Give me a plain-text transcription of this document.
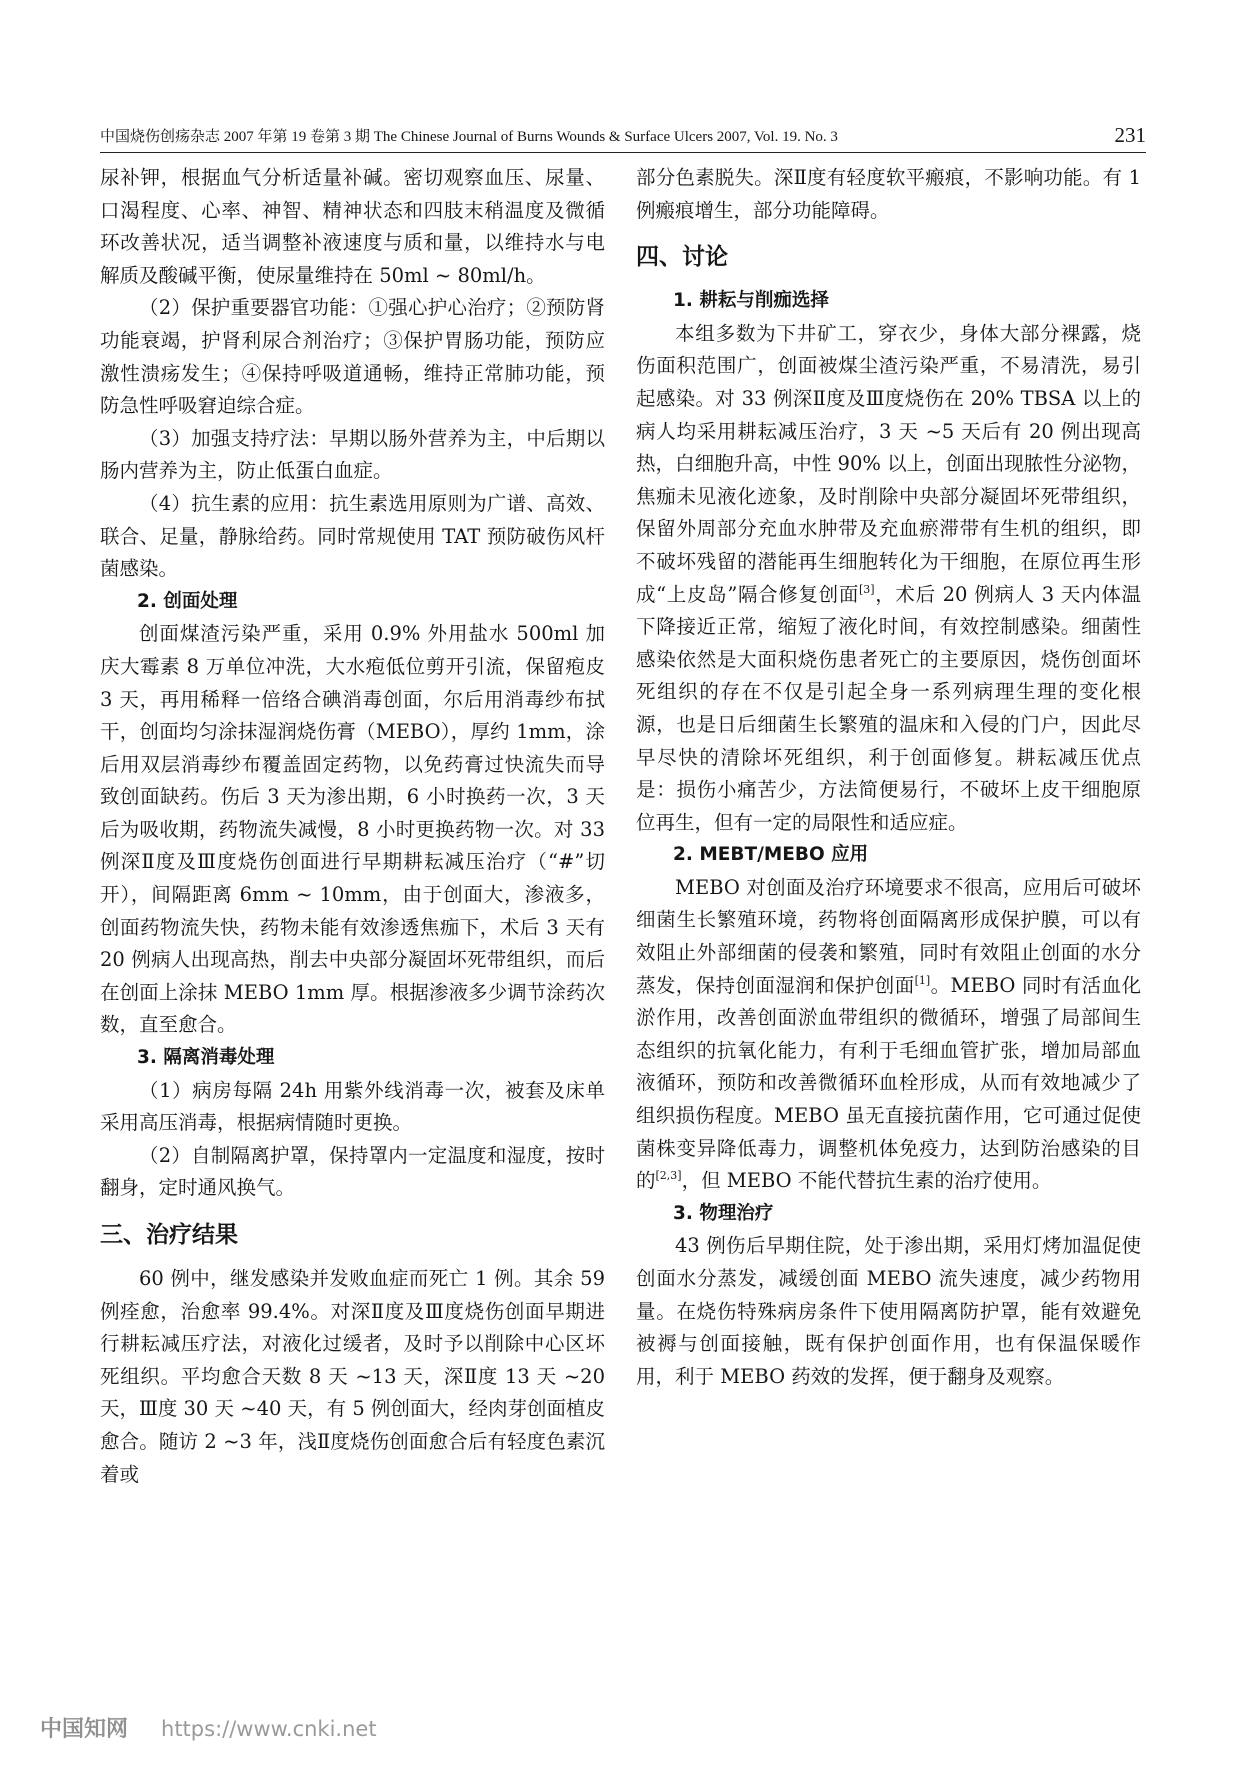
中国烧伤创疡杂志 2007 年第 19 卷第 3 期 The Chinese Journal of Burns Wounds & Surface Ulcers 2007, Vol. 19. No. 3	231

尿补钾，根据血气分析适量补碱。密切观察血压、尿量、口渴程度、心率、神智、精神状态和四肢末稍温度及微循环改善状况，适当调整补液速度与质和量，以维持水与电解质及酸碱平衡，使尿量维持在 50ml ~ 80ml/h。

（2）保护重要器官功能：①强心护心治疗；②预防肾功能衰竭，护肾利尿合剂治疗；③保护胃肠功能，预防应激性溃疡发生；④保持呼吸道通畅，维持正常肺功能，预防急性呼吸窘迫综合症。

（3）加强支持疗法：早期以肠外营养为主，中后期以肠内营养为主，防止低蛋白血症。

（4）抗生素的应用：抗生素选用原则为广谱、高效、联合、足量，静脉给药。同时常规使用 TAT 预防破伤风杆菌感染。

2. 创面处理

创面煤渣污染严重，采用 0.9% 外用盐水 500ml 加庆大霉素 8 万单位冲洗，大水疱低位剪开引流，保留疱皮 3 天，再用稀释一倍络合碘消毒创面，尔后用消毒纱布拭干，创面均匀涂抹湿润烧伤膏（MEBO），厚约 1mm，涂后用双层消毒纱布覆盖固定药物，以免药膏过快流失而导致创面缺药。伤后 3 天为渗出期，6 小时换药一次，3 天后为吸收期，药物流失减慢，8 小时更换药物一次。对 33 例深Ⅱ度及Ⅲ度烧伤创面进行早期耕耘减压治疗（“#”切开），间隔距离 6mm ~ 10mm，由于创面大，渗液多，创面药物流失快，药物未能有效渗透焦痂下，术后 3 天有 20 例病人出现高热，削去中央部分凝固坏死带组织，而后在创面上涂抹 MEBO 1mm 厚。根据渗液多少调节涂药次数，直至愈合。

3. 隔离消毒处理

（1）病房每隔 24h 用紫外线消毒一次，被套及床单采用高压消毒，根据病情随时更换。

（2）自制隔离护罩，保持罩内一定温度和湿度，按时翻身，定时通风换气。

三、治疗结果

60 例中，继发感染并发败血症而死亡 1 例。其余 59 例痊愈，治愈率 99.4%。对深Ⅱ度及Ⅲ度烧伤创面早期进行耕耘减压疗法，对液化过缓者，及时予以削除中心区坏死组织。平均愈合天数 8 天 ~13 天，深Ⅱ度 13 天 ~20 天，Ⅲ度 30 天 ~40 天，有 5 例创面大，经肉芽创面植皮愈合。随访 2 ~3 年，浅Ⅱ度烧伤创面愈合后有轻度色素沉着或

部分色素脱失。深Ⅱ度有轻度软平瘢痕，不影响功能。有 1 例瘢痕增生，部分功能障碍。

四、讨论
1. 耕耘与削痂选择

本组多数为下井矿工，穿衣少，身体大部分裸露，烧伤面积范围广，创面被煤尘渣污染严重，不易清洗，易引起感染。对 33 例深Ⅱ度及Ⅲ度烧伤在 20% TBSA 以上的病人均采用耕耘减压治疗，3 天 ~5 天后有 20 例出现高热，白细胞升高，中性 90% 以上，创面出现脓性分泌物，焦痂未见液化迹象，及时削除中央部分凝固坏死带组织，保留外周部分充血水肿带及充血瘀滞带有生机的组织，即不破坏残留的潜能再生细胞转化为干细胞，在原位再生形成“上皮岛”隔合修复创面[3]，术后 20 例病人 3 天内体温下降接近正常，缩短了液化时间，有效控制感染。细菌性感染依然是大面积烧伤患者死亡的主要原因，烧伤创面坏死组织的存在不仅是引起全身一系列病理生理的变化根源，也是日后细菌生长繁殖的温床和入侵的门户，因此尽早尽快的清除坏死组织，利于创面修复。耕耘减压优点是：损伤小痛苦少，方法简便易行，不破坏上皮干细胞原位再生，但有一定的局限性和适应症。

2. MEBT/MEBO 应用

MEBO 对创面及治疗环境要求不很高，应用后可破坏细菌生长繁殖环境，药物将创面隔离形成保护膜，可以有效阻止外部细菌的侵袭和繁殖，同时有效阻止创面的水分蒸发，保持创面湿润和保护创面[1]。MEBO 同时有活血化淤作用，改善创面淤血带组织的微循环，增强了局部间生态组织的抗氧化能力，有利于毛细血管扩张，增加局部血液循环，预防和改善微循环血栓形成，从而有效地减少了组织损伤程度。MEBO 虽无直接抗菌作用，它可通过促使菌株变异降低毒力，调整机体免疫力，达到防治感染的目的[2,3]，但 MEBO 不能代替抗生素的治疗使用。

3. 物理治疗

43 例伤后早期住院，处于渗出期，采用灯烤加温促使创面水分蒸发，减缓创面 MEBO 流失速度，减少药物用量。在烧伤特殊病房条件下使用隔离防护罩，能有效避免被褥与创面接触，既有保护创面作用，也有保温保暖作用，利于 MEBO 药效的发挥，便于翻身及观察。

中国知网 https://www.cnki.net
